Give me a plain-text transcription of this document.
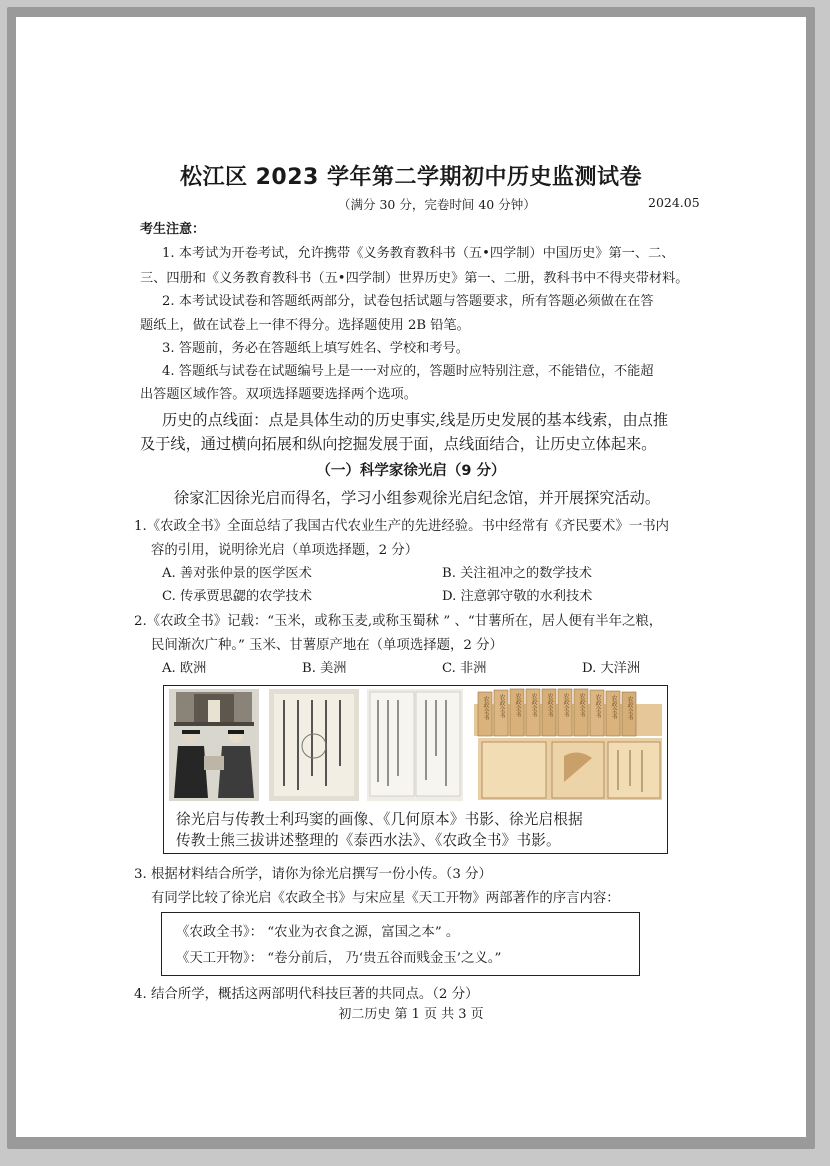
松江区 2023 学年第二学期初中历史监测试卷
（满分 30 分，完卷时间 40 分钟）	2024.05
考生注意：
1. 本考试为开卷考试，允许携带《义务教育教科书（五•四学制）中国历史》第一、二、
三、四册和《义务教育教科书（五•四学制）世界历史》第一、二册，教科书中不得夹带材料。
2. 本考试设试卷和答题纸两部分，试卷包括试题与答题要求，所有答题必须做在在答
题纸上，做在试卷上一律不得分。选择题使用 2B 铅笔。
3. 答题前，务必在答题纸上填写姓名、学校和考号。
4. 答题纸与试卷在试题编号上是一一对应的，答题时应特别注意，不能错位，不能超
出答题区域作答。双项选择题要选择两个选项。
历史的点线面：点是具体生动的历史事实,线是历史发展的基本线索，由点推
及于线，通过横向拓展和纵向挖掘发展于面，点线面结合，让历史立体起来。
（一）科学家徐光启（9 分）
徐家汇因徐光启而得名，学习小组参观徐光启纪念馆，并开展探究活动。
1.《农政全书》全面总结了我国古代农业生产的先进经验。书中经常有《齐民要术》一书内
容的引用，说明徐光启（单项选择题，2 分）
A. 善对张仲景的医学医术	B. 关注祖冲之的数学技术
C. 传承贾思勰的农学技术	D. 注意郭守敬的水利技术
2.《农政全书》记载：“玉米，或称玉麦,或称玉蜀秫 ” 、“甘薯所在，居人便有半年之粮，
民间渐次广种。” 玉米、甘薯原产地在（单项选择题，2 分）
A. 欧洲	B. 美洲	C. 非洲	D. 大洋洲
农政全书 农政全书 农政全书 农政全书 农政全书 农政全书 农政全书 农政全书 农政全书 农政全书
徐光启与传教士利玛窦的画像、《几何原本》书影、徐光启根据
传教士熊三拔讲述整理的《泰西水法》、《农政全书》书影。
3. 根据材料结合所学，请你为徐光启撰写一份小传。（3 分）
有同学比较了徐光启《农政全书》与宋应星《天工开物》两部著作的序言内容：
《农政全书》： “农业为衣食之源，富国之本” 。
《天工开物》： “卷分前后， 乃‘贵五谷而贱金玉’之义。”
4. 结合所学，概括这两部明代科技巨著的共同点。（2 分）
初二历史 第 1 页 共 3 页
